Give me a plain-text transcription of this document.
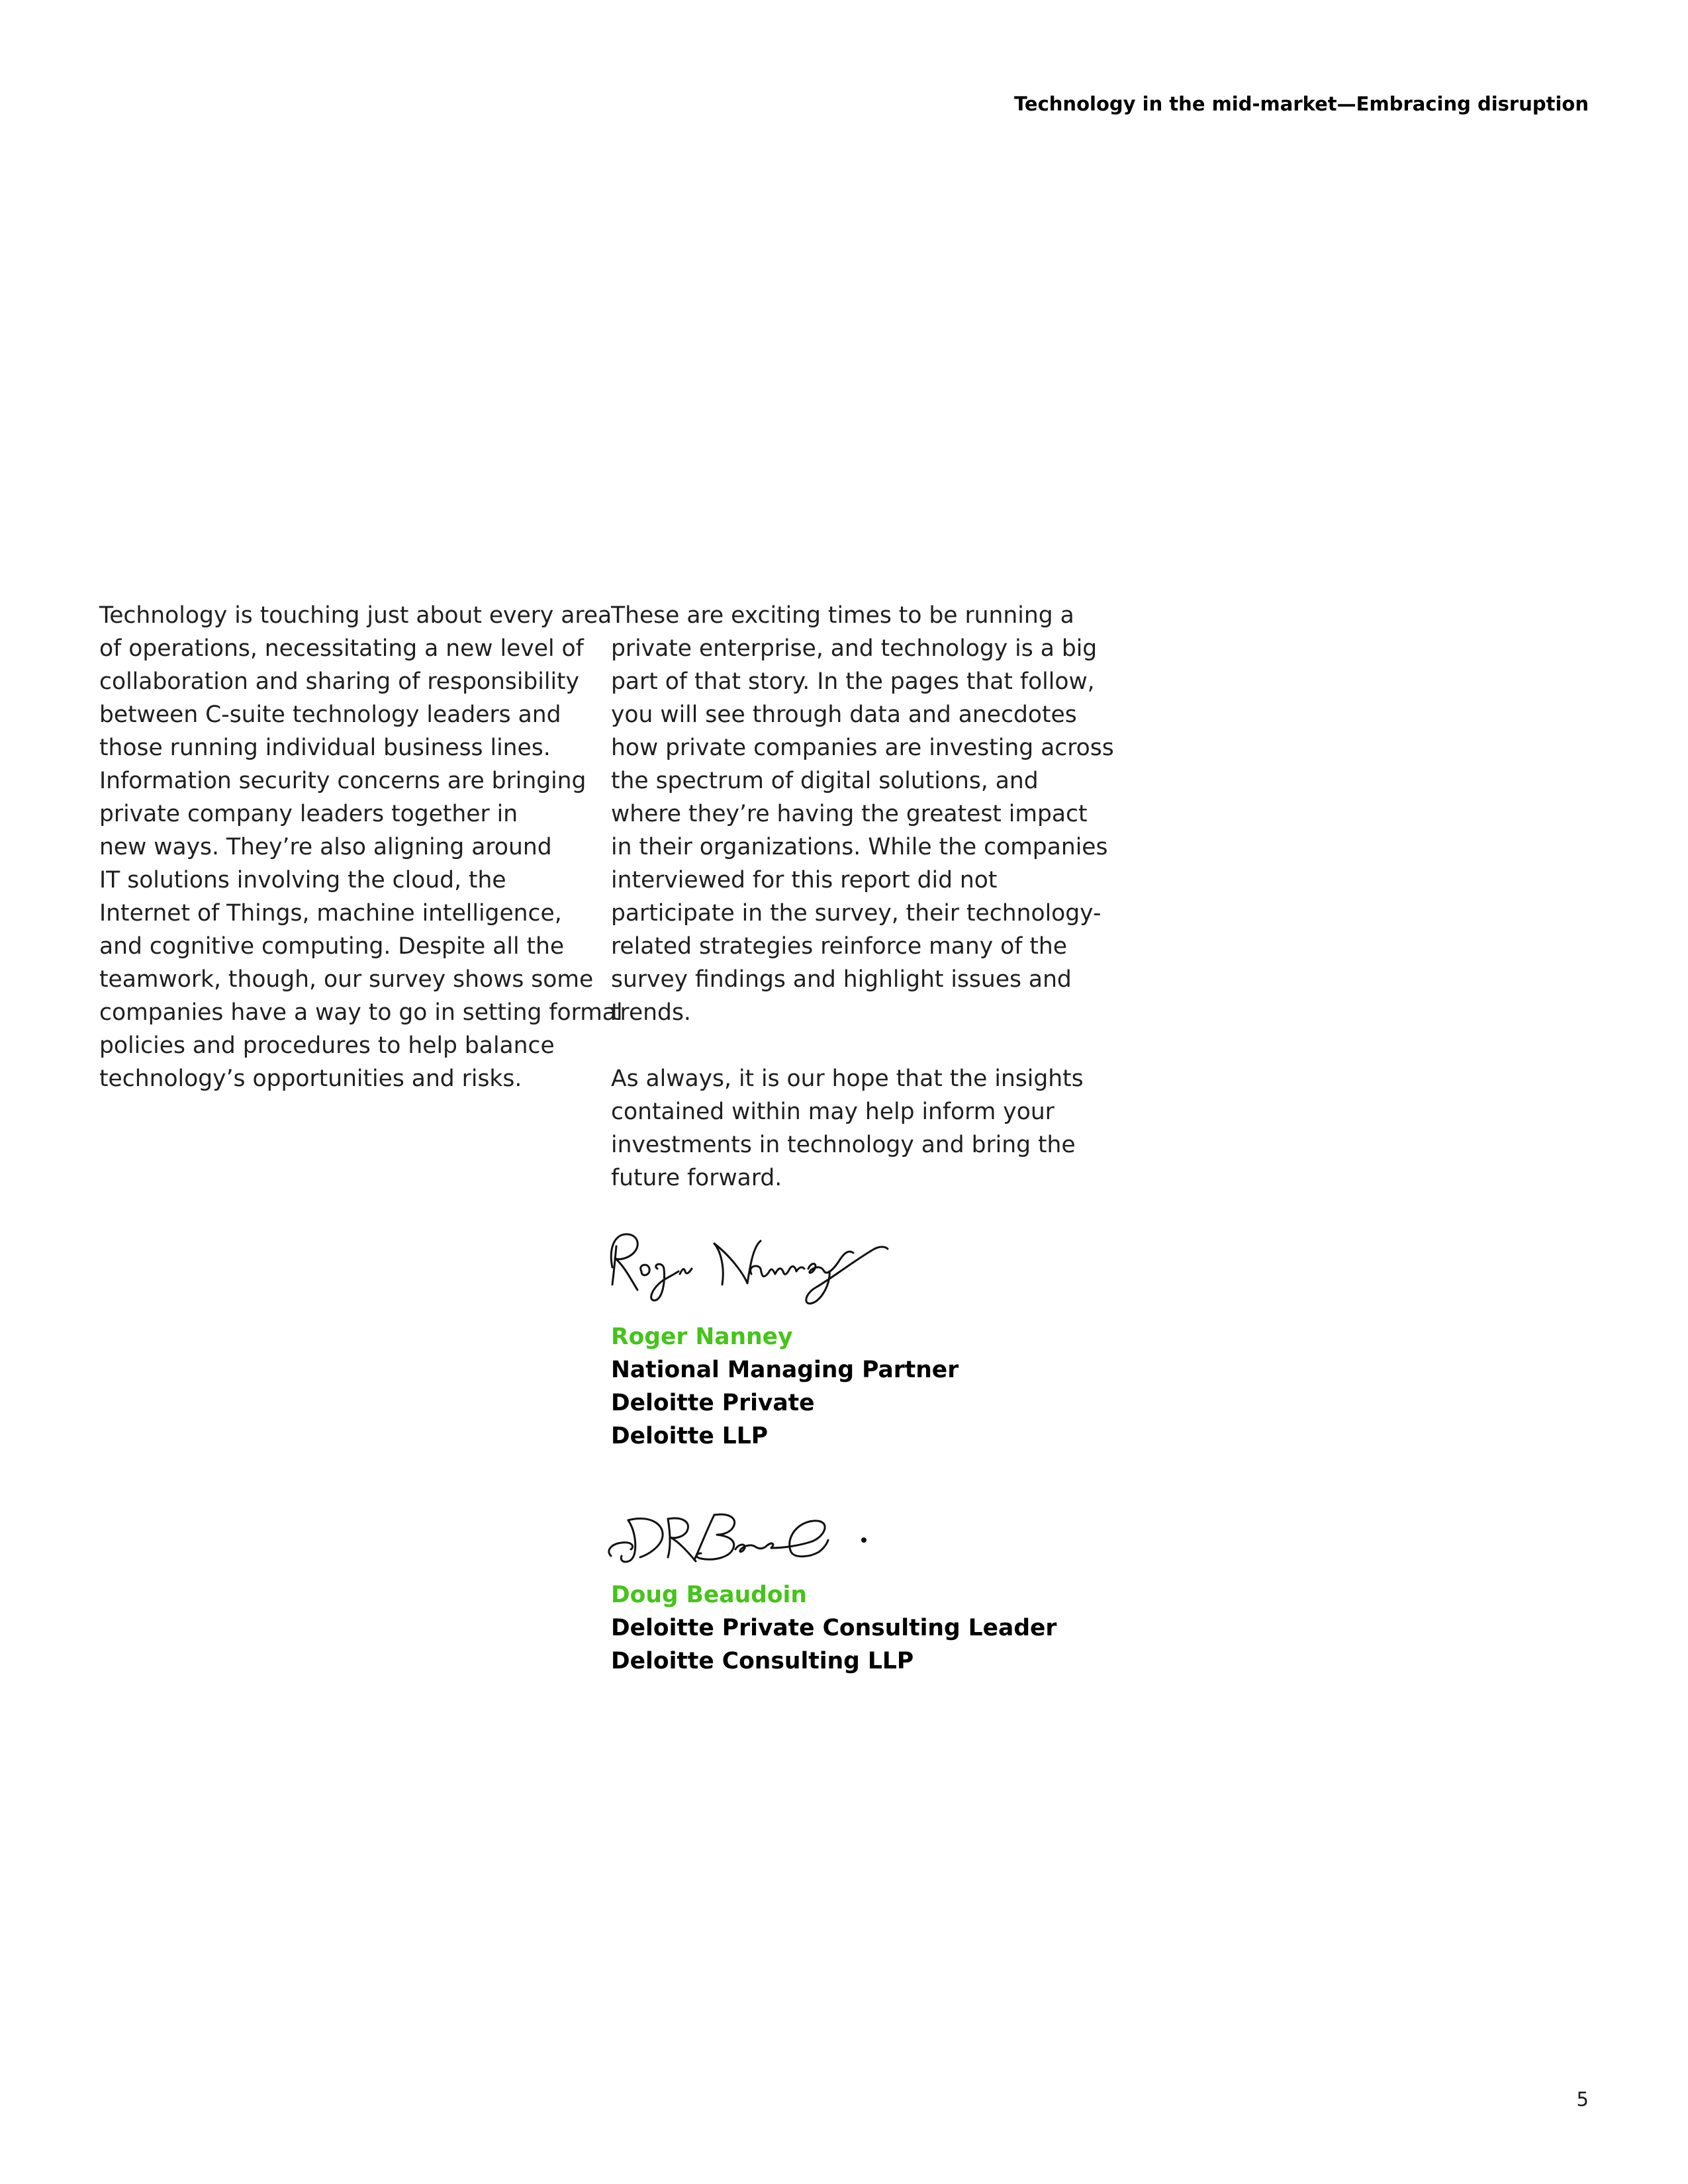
Technology in the mid-market—Embracing disruption
Technology is touching just about every area
of operations, necessitating a new level of
collaboration and sharing of responsibility
between C-suite technology leaders and
those running individual business lines.
Information security concerns are bringing
private company leaders together in
new ways. They’re also aligning around
IT solutions involving the cloud, the
Internet of Things, machine intelligence,
and cognitive computing. Despite all the
teamwork, though, our survey shows some
companies have a way to go in setting formal
policies and procedures to help balance
technology’s opportunities and risks.
These are exciting times to be running a
private enterprise, and technology is a big
part of that story. In the pages that follow,
you will see through data and anecdotes
how private companies are investing across
the spectrum of digital solutions, and
where they’re having the greatest impact
in their organizations. While the companies
interviewed for this report did not
participate in the survey, their technology-
related strategies reinforce many of the
survey findings and highlight issues and
trends.
As always, it is our hope that the insights
contained within may help inform your
investments in technology and bring the
future forward.
Roger Nanney
National Managing Partner
Deloitte Private
Deloitte LLP
Doug Beaudoin
Deloitte Private Consulting Leader
Deloitte Consulting LLP
5
